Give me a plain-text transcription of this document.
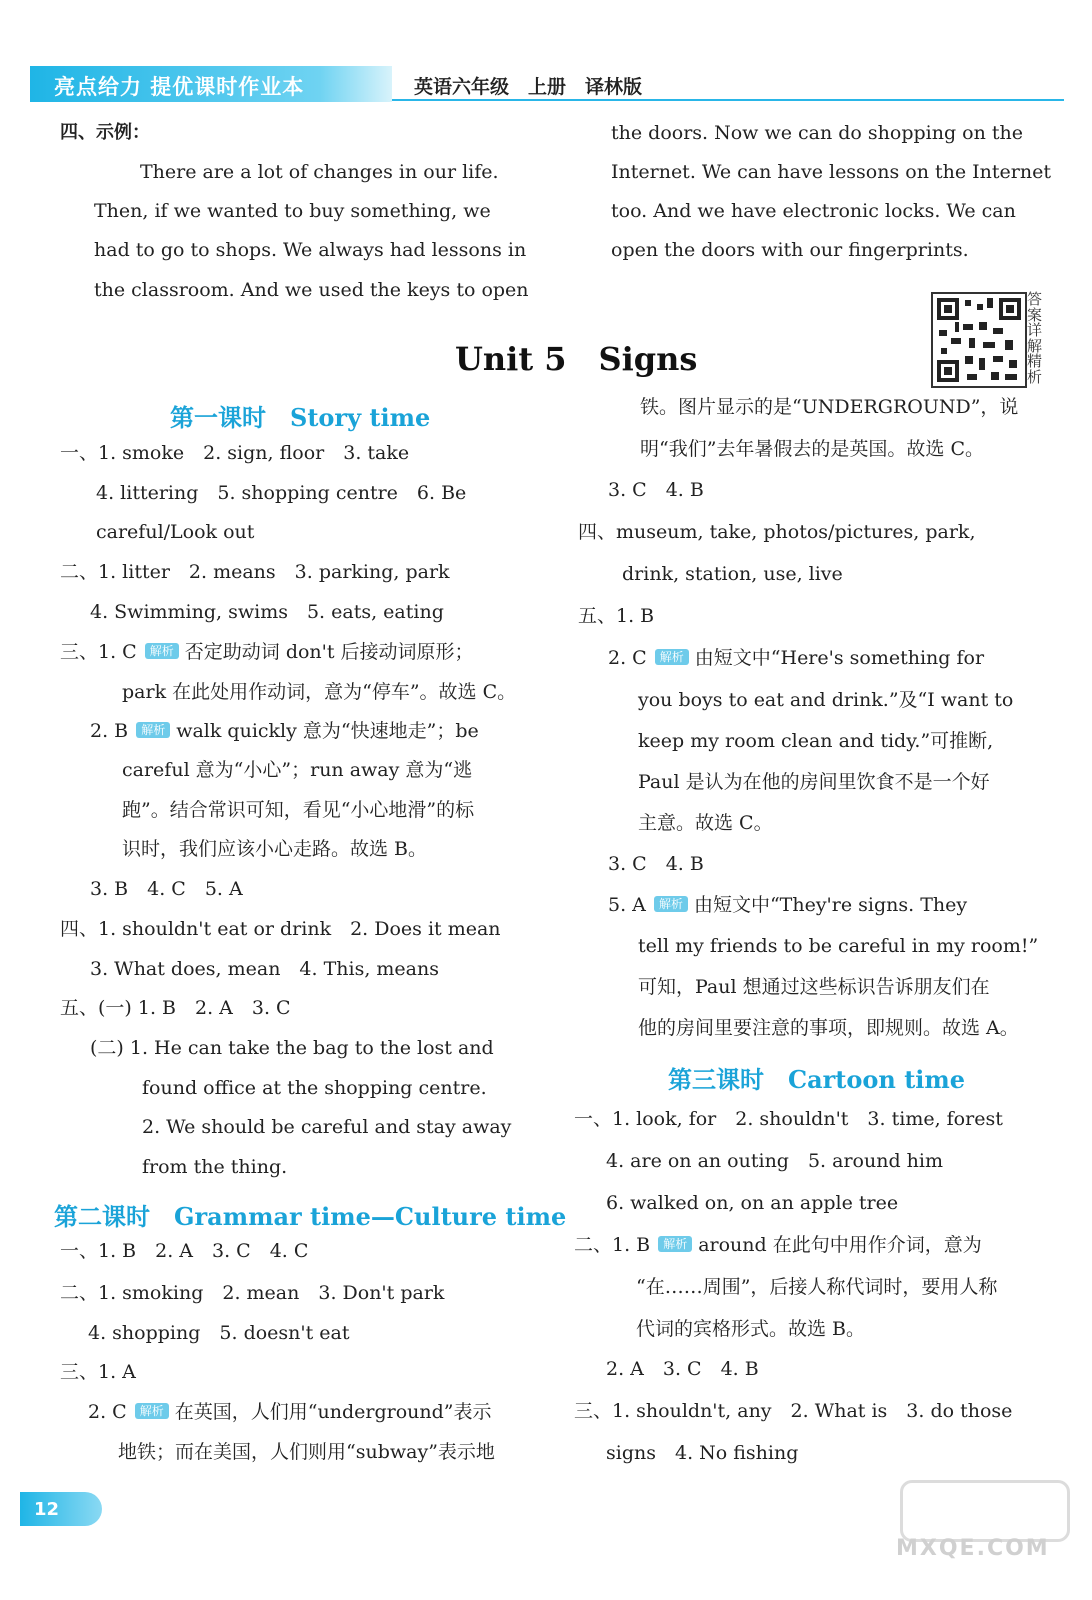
亮点给力 提优课时作业本	英语六年级　上册　译林版
四、示例：
There are a lot of changes in our life.
Then, if we wanted to buy something, we
had to go to shops. We always had lessons in
the classroom. And we used the keys to open
Unit 5　Signs
答案详解精析
第一课时　Story time
一、1. smoke　2. sign, floor　3. take
4. littering　5. shopping centre　6. Be
careful/Look out
二、1. litter　2. means　3. parking, park
4. Swimming, swims　5. eats, eating
三、1. C 解析 否定助动词 don't 后接动词原形；
park 在此处用作动词，意为“停车”。故选 C。
2. B 解析 walk quickly 意为“快速地走”；be
careful 意为“小心”；run away 意为“逃
跑”。结合常识可知，看见“小心地滑”的标
识时，我们应该小心走路。故选 B。
3. B　4. C　5. A
四、1. shouldn't eat or drink　2. Does it mean
3. What does, mean　4. This, means
五、(一) 1. B　2. A　3. C
(二) 1. He can take the bag to the lost and
found office at the shopping centre.
2. We should be careful and stay away
from the thing.
第二课时　Grammar time—Culture time
一、1. B　2. A　3. C　4. C
二、1. smoking　2. mean　3. Don't park
4. shopping　5. doesn't eat
三、1. A
2. C 解析 在英国，人们用“underground”表示
地铁；而在美国，人们则用“subway”表示地
the doors. Now we can do shopping on the
Internet. We can have lessons on the Internet
too. And we have electronic locks. We can
open the doors with our fingerprints.
铁。图片显示的是“UNDERGROUND”，说
明“我们”去年暑假去的是英国。故选 C。
3. C　4. B
四、museum, take, photos/pictures, park,
drink, station, use, live
五、1. B
2. C 解析 由短文中“Here's something for
you boys to eat and drink.”及“I want to
keep my room clean and tidy.”可推断,
Paul 是认为在他的房间里饮食不是一个好
主意。故选 C。
3. C　4. B
5. A 解析 由短文中“They're signs. They
tell my friends to be careful in my room!”
可知，Paul 想通过这些标识告诉朋友们在
他的房间里要注意的事项，即规则。故选 A。
第三课时　Cartoon time
一、1. look, for　2. shouldn't　3. time, forest
4. are on an outing　5. around him
6. walked on, on an apple tree
二、1. B 解析 around 在此句中用作介词，意为
“在……周围”，后接人称代词时，要用人称
代词的宾格形式。故选 B。
2. A　3. C　4. B
三、1. shouldn't, any　2. What is　3. do those
signs　4. No fishing
12
MXQE.COM
